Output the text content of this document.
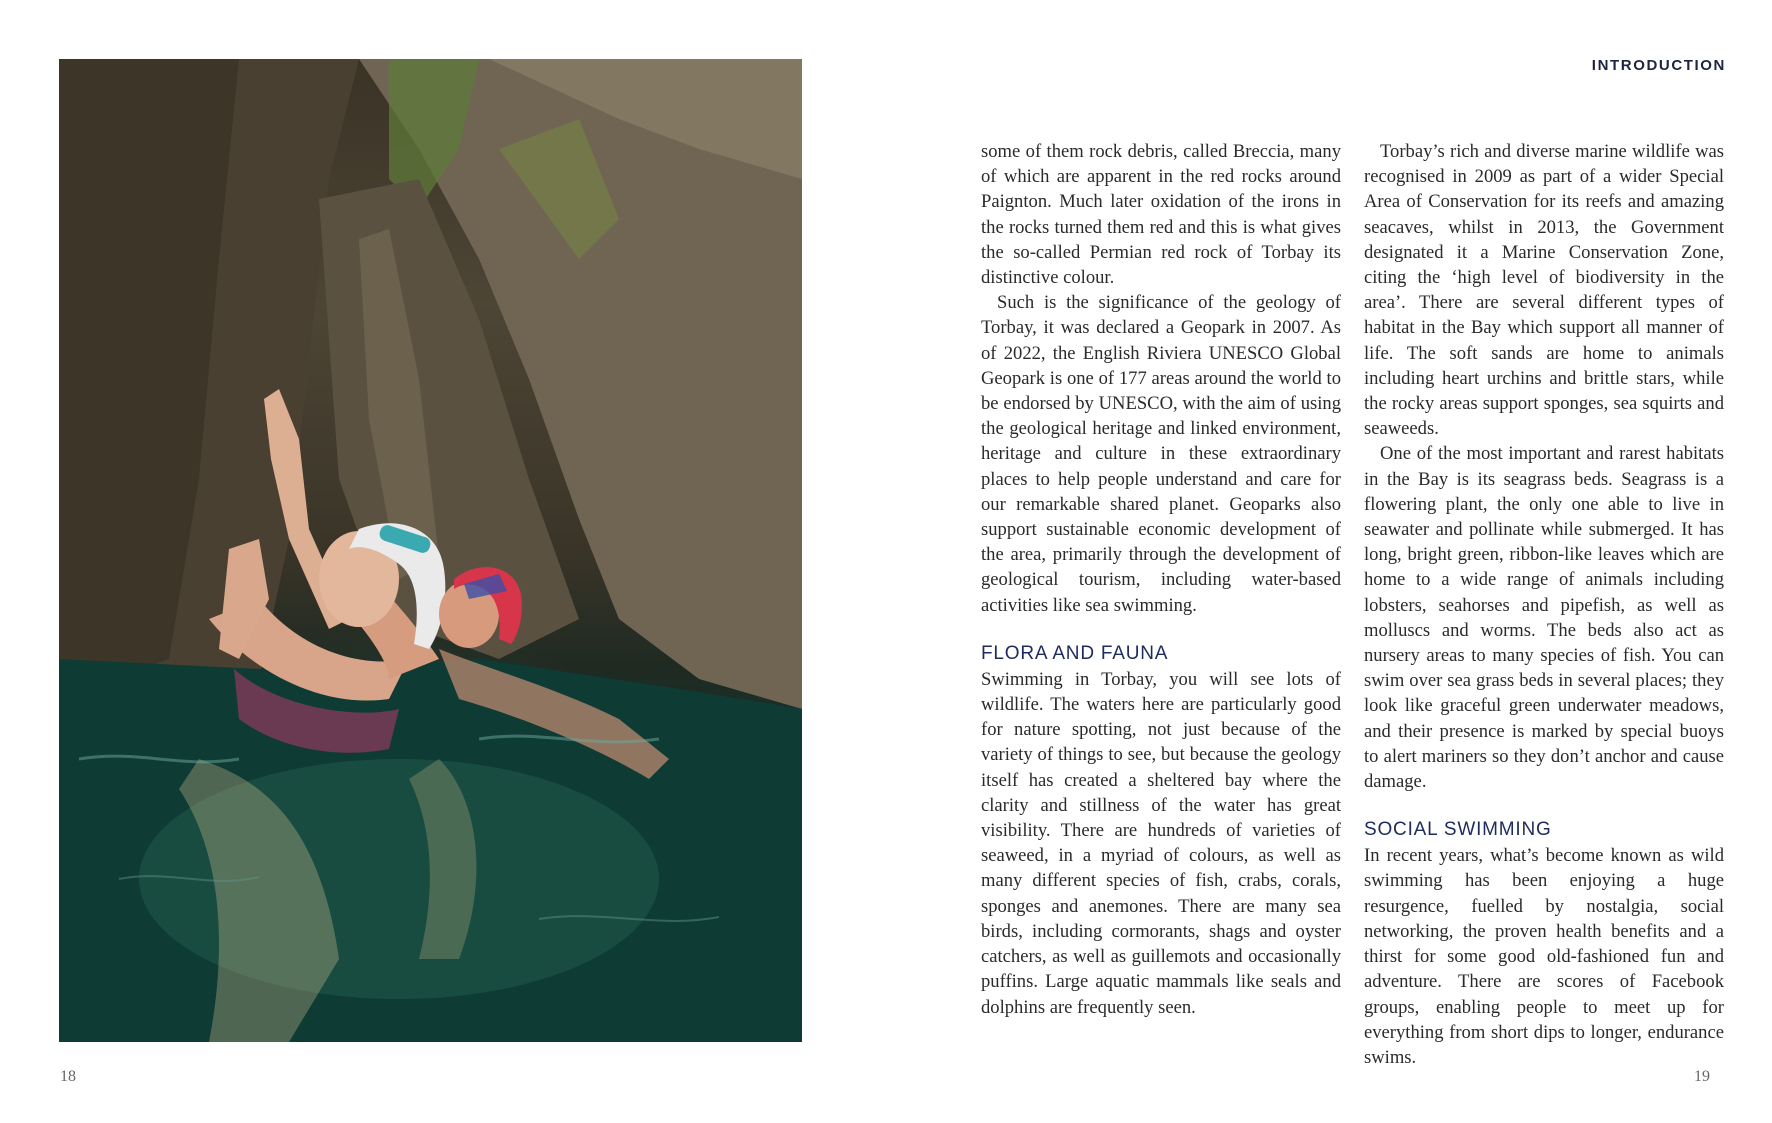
18
INTRODUCTION

some of them rock debris, called Breccia, many of which are apparent in the red rocks around Paignton. Much later oxidation of the irons in the rocks turned them red and this is what gives the so-called Permian red rock of Torbay its distinctive colour.

Such is the significance of the geology of Torbay, it was declared a Geopark in 2007. As of 2022, the English Riviera UNESCO Global Geopark is one of 177 areas around the world to be endorsed by UNESCO, with the aim of using the geological heritage and linked environment, heritage and culture in these extraordinary places to help people understand and care for our remarkable shared planet. Geoparks also support sustainable economic development of the area, primarily through the development of geological tourism, including water-based activities like sea swimming.

FLORA AND FAUNA

Swimming in Torbay, you will see lots of wildlife. The waters here are particularly good for nature spotting, not just because of the variety of things to see, but because the geology itself has created a sheltered bay where the clarity and stillness of the water has great visibility. There are hundreds of varieties of seaweed, in a myriad of colours, as well as many different species of fish, crabs, corals, sponges and anemones. There are many sea birds, including cormorants, shags and oyster catchers, as well as guillemots and occasionally puffins. Large aquatic mammals like seals and dolphins are frequently seen.

Torbay’s rich and diverse marine wildlife was recognised in 2009 as part of a wider Special Area of Conservation for its reefs and amazing seacaves, whilst in 2013, the Government designated it a Marine Conservation Zone, citing the ‘high level of biodiversity in the area’. There are several different types of habitat in the Bay which support all manner of life. The soft sands are home to animals including heart urchins and brittle stars, while the rocky areas support sponges, sea squirts and seaweeds.

One of the most important and rarest habitats in the Bay is its seagrass beds. Seagrass is a flowering plant, the only one able to live in seawater and pollinate while submerged. It has long, bright green, ribbon-like leaves which are home to a wide range of animals including lobsters, seahorses and pipefish, as well as molluscs and worms. The beds also act as nursery areas to many species of fish. You can swim over sea grass beds in several places; they look like graceful green underwater meadows, and their presence is marked by special buoys to alert mariners so they don’t anchor and cause damage.

SOCIAL SWIMMING

In recent years, what’s become known as wild swimming has been enjoying a huge resurgence, fuelled by nostalgia, social networking, the proven health benefits and a thirst for some good old-fashioned fun and adventure. There are scores of Facebook groups, enabling people to meet up for everything from short dips to longer, endurance swims.

19
